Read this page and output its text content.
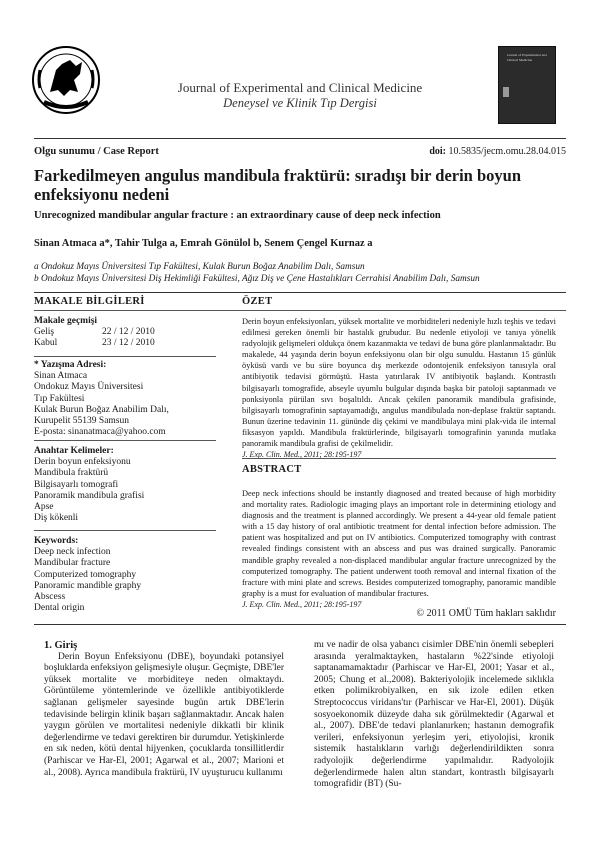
Journal of Experimental and Clinical Medicine
Deneysel ve Klinik Tıp Dergisi
Journal of Experimental and Clinical Medicine
Olgu sunumu / Case Report	doi: 10.5835/jecm.omu.28.04.015
Farkedilmeyen angulus mandibula fraktürü: sıradışı bir derin boyun enfeksiyonu nedeni
Unrecognized mandibular angular fracture : an extraordinary cause of deep neck infection
Sinan Atmaca a*, Tahir Tulga a, Emrah Gönülol b, Senem Çengel Kurnaz a
a Ondokuz Mayıs Üniversitesi Tıp Fakültesi, Kulak Burun Boğaz Anabilim Dalı, Samsun
b Ondokuz Mayıs Üniversitesi Diş Hekimliği Fakültesi, Ağız Diş ve Çene Hastalıkları Cerrahisi Anabilim Dalı, Samsun
MAKALE BİLGİLERİ	ÖZET
Makale geçmişi
Geliş	22 / 12 / 2010
Kabul	23 / 12 / 2010
* Yazışma Adresi:
Sinan Atmaca
Ondokuz Mayıs Üniversitesi
Tıp Fakültesi
Kulak Burun Boğaz Anabilim Dalı,
Kurupelit 55139 Samsun
E-posta: sinanatmaca@yahoo.com
Anahtar Kelimeler:
Derin boyun enfeksiyonu
Mandibula fraktürü
Bilgisayarlı tomografi
Panoramik mandibula grafisi
Apse
Diş kökenli
Keywords:
Deep neck infection
Mandibular fracture
Computerized tomography
Panoramic mandible graphy
Abscess
Dental origin
Derin boyun enfeksiyonları, yüksek mortalite ve morbiditeleri nedeniyle hızlı teşhis ve tedavi edilmesi gereken önemli bir hastalık grubudur. Bu nedenle etiyoloji ve tanıya yönelik radyolojik gelişmeleri oldukça önem kazanmakta ve tedavi de buna göre planlanmaktadır. Bu makalede, 44 yaşında derin boyun enfeksiyonu olan bir olgu sunuldu. Hastanın 15 günlük öyküsü vardı ve bu süre boyunca dış merkezde odontojenik enfeksiyon tanısıyla oral antibiyotik tedavisi görmüştü. Hasta yatırılarak IV antibiyotik başlandı. Kontrastlı bilgisayarlı tomografide, abseyle uyumlu bulgular dışında başka bir patoloji saptanmadı ve ponksiyonla pürülan sıvı boşaltıldı. Ancak çekilen panoramik mandibula grafisinde, bilgisayarlı tomografinin saptayamadığı, angulus mandibulada non-deplase fraktür saptandı. Bunun üzerine tedavinin 11. gününde diş çekimi ve mandibulaya mini plak-vida ile internal fiksasyon yapıldı. Mandibula fraktürlerinde, bilgisayarlı tomografinin yanında mutlaka panoramik mandibula grafisi de çekilmelidir.
J. Exp. Clin. Med., 2011; 28:195-197
ABSTRACT
Deep neck infections should be instantly diagnosed and treated because of high morbidity and mortality rates. Radiologic imaging plays an important role in determining etiology and diagnosis and the treatment is planned accordingly. We present a 44-year old female patient with a 15 day history of oral antibiotic treatment for dental infection before admission. The patient was hospitalized and put on IV antibiotics. Computerized tomography with contrast revealed findings consistent with an abscess and pus was drained surgically. Panoramic mandible graphy revealed a non-displaced mandibular angular fracture unrecognized by the computerized tomography. The patient underwent tooth removal and internal fixation of the fracture with mini plate and screws. Besides computerized tomography, panoramic mandible graphy is a must for evaluation of mandibular fractures.
J. Exp. Clin. Med., 2011; 28:195-197
© 2011 OMÜ Tüm hakları saklıdır
1. Giriş
Derin Boyun Enfeksiyonu (DBE), boyundaki potansiyel boşluklarda enfeksiyon gelişmesiyle oluşur. Geçmişte, DBE'ler yüksek mortalite ve morbiditeye neden olmaktaydı. Görüntüleme yöntemlerinde ve özellikle antibiyotiklerde sağlanan gelişmeler sayesinde bugün artık DBE'lerin tedavisinde belirgin klinik başarı sağlanmaktadır. Ancak halen yaygın görülen ve mortalitesi nedeniyle dikkatli bir klinik değerlendirme ve tedavi gerektiren bir durumdur. Yetişkinlerde en sık neden, kötü dental hijyenken, çocuklarda tonsillitlerdir (Parhiscar ve Har-El, 2001; Agarwal et al., 2007; Marioni et al., 2008). Ayrıca mandibula fraktürü, IV uyuşturucu kullanımı
mı ve nadir de olsa yabancı cisimler DBE'nin önemli sebepleri arasında yeralmaktayken, hastaların %22'sinde etiyoloji saptanamamaktadır (Parhiscar ve Har-El, 2001; Yasar et al., 2005; Chung et al.,2008). Bakteriyolojik incelemede sıklıkla etken polimikrobiyalken, en sık izole edilen etken Streptococcus viridans'tır (Parhiscar ve Har-El, 2001). Düşük sosyoekonomik düzeyde daha sık görülmektedir (Agarwal et al., 2007). DBE'de tedavi planlanırken; hastanın demografik verileri, enfeksiyonun yerleşim yeri, etiyolojisi, kronik sistemik hastalıkların varlığı değerlendirildikten sonra radyolojik değerlendirme yapılmalıdır. Radyolojik değerlendirmede halen altın standart, kontrastlı bilgisayarlı tomografidir (BT) (Su-
